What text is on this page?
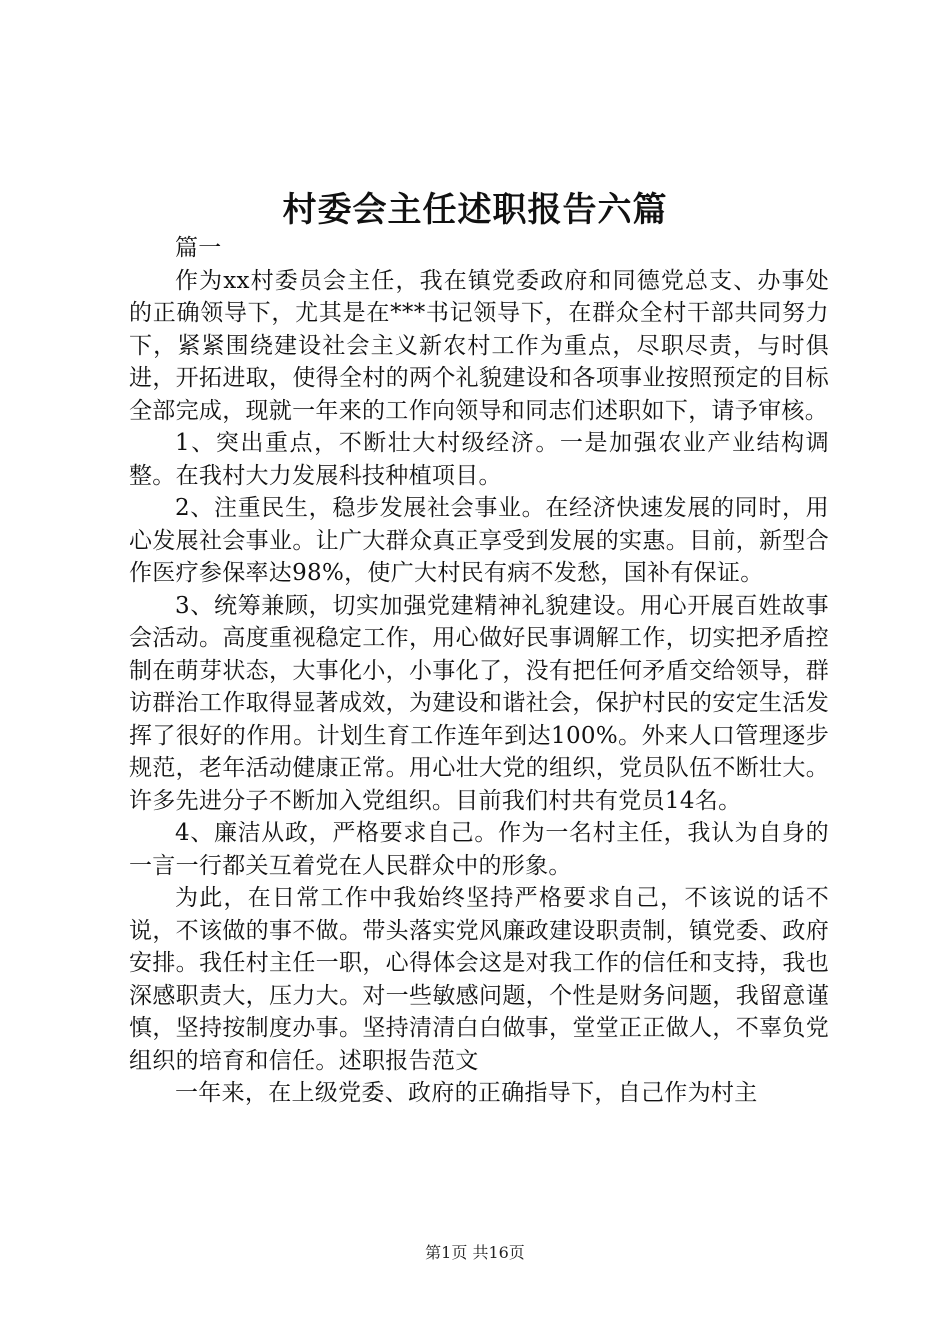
村委会主任述职报告六篇

篇一

作为xx村委员会主任，我在镇党委政府和同德党总支、办事处的正确领导下，尤其是在***书记领导下，在群众全村干部共同努力下，紧紧围绕建设社会主义新农村工作为重点，尽职尽责，与时俱进，开拓进取，使得全村的两个礼貌建设和各项事业按照预定的目标全部完成，现就一年来的工作向领导和同志们述职如下，请予审核。

1、突出重点，不断壮大村级经济。一是加强农业产业结构调整。在我村大力发展科技种植项目。

2、注重民生，稳步发展社会事业。在经济快速发展的同时，用心发展社会事业。让广大群众真正享受到发展的实惠。目前，新型合作医疗参保率达98%，使广大村民有病不发愁，国补有保证。

3、统筹兼顾，切实加强党建精神礼貌建设。用心开展百姓故事会活动。高度重视稳定工作，用心做好民事调解工作，切实把矛盾控制在萌芽状态，大事化小，小事化了，没有把任何矛盾交给领导，群访群治工作取得显著成效，为建设和谐社会，保护村民的安定生活发挥了很好的作用。计划生育工作连年到达100%。外来人口管理逐步规范，老年活动健康正常。用心壮大党的组织，党员队伍不断壮大。许多先进分子不断加入党组织。目前我们村共有党员14名。

4、廉洁从政，严格要求自己。作为一名村主任，我认为自身的一言一行都关互着党在人民群众中的形象。

为此，在日常工作中我始终坚持严格要求自己，不该说的话不说，不该做的事不做。带头落实党风廉政建设职责制，镇党委、政府安排。我任村主任一职，心得体会这是对我工作的信任和支持，我也深感职责大，压力大。对一些敏感问题，个性是财务问题，我留意谨慎，坚持按制度办事。坚持清清白白做事，堂堂正正做人，不辜负党组织的培育和信任。述职报告范文

一年来，在上级党委、政府的正确指导下，自己作为村主

第1页 共16页
